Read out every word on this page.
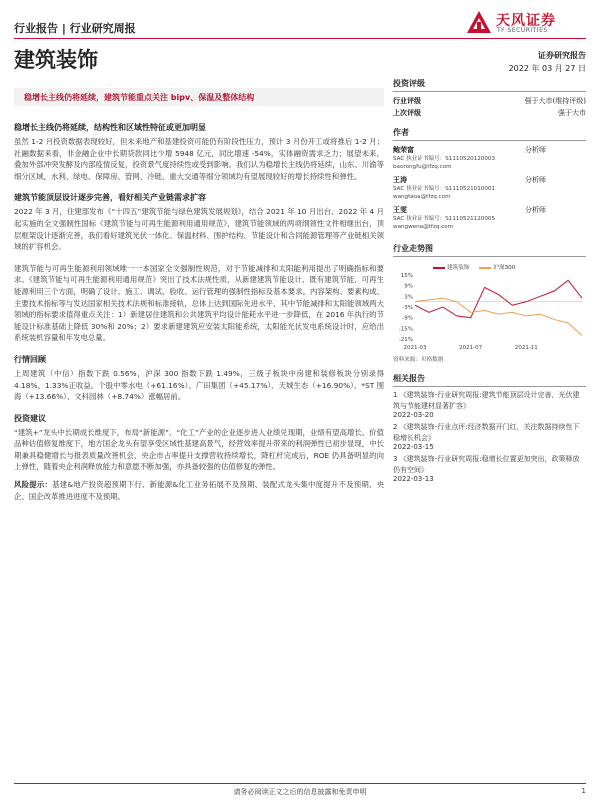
行业报告 | 行业研究周报	天风证券
TF SECURITIES
建筑装饰	证券研究报告
2022 年 03 月 27 日
稳增长主线仍将延续，建筑节能重点关注 bipv、保温及整体结构
稳增长主线仍将延续，结构性和区域性特征或更加明显
虽然 1-2 月投资数据表现较好，但未来地产和基建投资可能仍有阶段性压力，预计 3 月份开工或将推后 1-2 月；社融数据来看，非金融企业中长期贷款同比少增 5948 亿元，同比增速 -54%，实体融资需求乏力；展望未来，叠加外部冲突发酵及内部疫情反复，投资景气度持续性或受到影响。我们认为稳增长主线仍将延续，山东、川渝等细分区域，水利、绿电、保障房、管网、冷链、重大交通等细分领域均有望展现较好的增长持续性和弹性。
建筑节能顶层设计逐步完善，看好相关产业链需求扩容
2022 年 3 月，住建部发布《“十四五”建筑节能与绿色建筑发展规划》，结合 2021 年 10 月出台、2022 年 4 月起实施的全文强制性国标《建筑节能与可再生能源利用通用规范》，建筑节能领域的两项纲领性文件相继出台，顶层框架设计逐渐完善，我们看好建筑光伏一体化、保温材料、围护结构、节能设计和合同能源管理等产业链相关领域的扩容机会。
建筑节能与可再生能源利用领域唯一一本国家全文强制性规范，对于节能减排和太阳能利用提出了明确指标和要求。《建筑节能与可再生能源利用通用规范》突出了技术法规性质，从新建建筑节能设计、既有建筑节能、可再生能源利用三个方面，明确了设计、施工、调试、验收、运行管理的强制性指标及基本要求。内容架构、要素构成、主要技术指标等与发达国家相关技术法规和标准接轨，总体上达到国际先进水平，其中节能减排和太阳能领域两大领域的指标要求值得重点关注：1）新建居住建筑和公共建筑平均设计能耗水平进一步降低，在 2016 年执行的节能设计标准基础上降低 30%和 20%；2）要求新建建筑应安装太阳能系统，太阳能光伏发电系统设计时，应给出系统装机容量和年发电总量。
行情回顾
上周建筑（中信）指数下跌 0.56%，沪深 300 指数下跌 1.49%，三级子板块中房建和装修板块分别录得 4.18%、1.33%正收益。个股中零水电（+61.16%）、广田集团（+45.17%）、天城生态（+16.90%）、*ST 围海（+13.66%）、文科园林（+8.74%）涨幅居前。
投资建议
“建筑+”龙头中长期成长维度下，布局“新能源”、“化工”产业的企业逐步进入业绩兑现期，业绩有望高增长。价值品种估值修复维度下，地方国企龙头有望享受区域性基建高景气，经营效率提升带来的利润弹性已初步显现，中长期兼具稳健增长与报表质量改善机会，央企市占率提升支撑营收持续增长，降杠杆完成后，ROE 仍具备明显的向上弹性，随着央企利润释放能力和意愿不断加强，亦具备较强的估值修复的弹性。
风险提示：基建&地产投资超预期下行、新能源&化工业务拓展不及预期、装配式龙头集中度提升不及预期、央企、国企改革推进进度不及预期。
投资评级
行业评级	强于大市(维持评级)
上次评级	强于大市
作者
鲍荣富	分析师
SAC 执业证书编号：S1110520120003
baorongfu@tfzq.com
王涛	分析师
SAC 执业证书编号：S1110521010001
wangtaoa@tfzq.com
王雯	分析师
SAC 执业证书编号：S1110521120005
wangwena@tfzq.com
行业走势图
建筑装饰	沪深300
15%
9%
3%
-3%
-9%
-15%
-21%
2021-03	2021-07	2021-11
资料来源：贝格数据
相关报告
1 《建筑装饰-行业研究周报:建筑节能顶层设计完善，光伏建筑与节能建材显著扩容》
2022-03-20
2 《建筑装饰-行业点评:经济数据开门红，关注数据持续性下稳增长机会》
2022-03-15
3 《建筑装饰-行业研究周报:稳增长位置更加突出，政策释放仍有空间》
2022-03-13
请务必阅读正文之后的信息披露和免责申明	1
